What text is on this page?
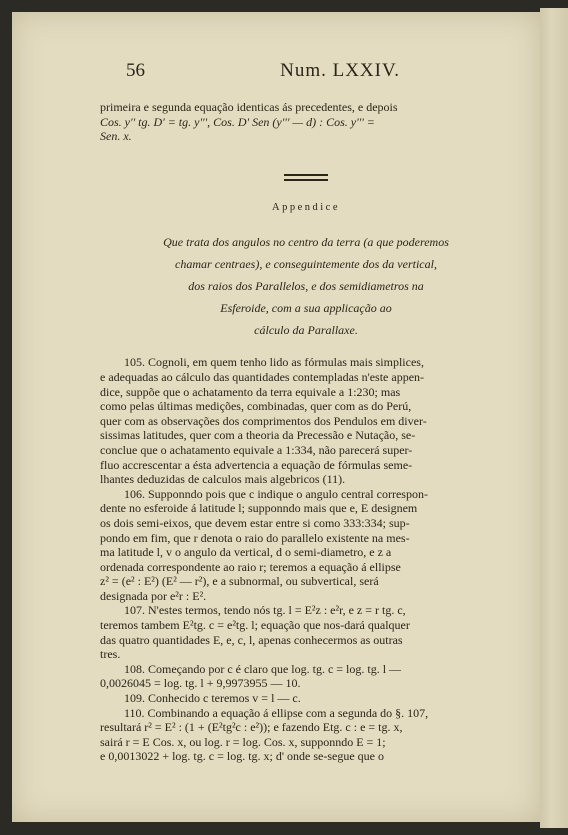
56	Num. LXXIV.

primeira e segunda equação identicas ás precedentes, e depois

Cos. y'' tg. D' = tg. y''', Cos. D' Sen (y''' — d) : Cos. y''' =

Sen. x.

Appendice
Que trata dos angulos no centro da terra (a que poderemos
chamar centraes), e conseguintemente dos da vertical,
dos raios dos Parallelos, e dos semidiametros na
Esferoide, com a sua applicação ao
cálculo da Parallaxe.

105. Cognoli, em quem tenho lido as fórmulas mais simplices,

e adequadas ao cálculo das quantidades contempladas n'este appen-

dice, suppõe que o achatamento da terra equivale a 1:230; mas

como pelas últimas medições, combinadas, quer com as do Perú,

quer com as observações dos comprimentos dos Pendulos em diver-

sissimas latitudes, quer com a theoria da Precessão e Nutação, se-

conclue que o achatamento equivale a 1:334, não parecerá super-

fluo accrescentar a ésta advertencia a equação de fórmulas seme-

lhantes deduzidas de calculos mais algebricos (11).

106. Supponndo pois que c indique o angulo central correspon-

dente no esferoide á latitude l; supponndo mais que e, E designem

os dois semi-eixos, que devem estar entre si como 333:334; sup-

pondo em fim, que r denota o raio do parallelo existente na mes-

ma latitude l, v o angulo da vertical, d o semi-diametro, e z a

ordenada correspondente ao raio r; teremos a equação á ellipse

z² = (e² : E²) (E² — r²), e a subnormal, ou subvertical, será

designada por e²r : E².

107. N'estes termos, tendo nós tg. l = E²z : e²r, e z = r tg. c,

teremos tambem E²tg. c = e²tg. l; equação que nos-dará qualquer

das quatro quantidades E, e, c, l, apenas conhecermos as outras

tres.

108. Começando por c é claro que log. tg. c = log. tg. l —

0,0026045 = log. tg. l + 9,9973955 — 10.

109. Conhecido c teremos v = l — c.

110. Combinando a equação á ellipse com a segunda do §. 107,

resultará r² = E² : (1 + (E²tg²c : e²)); e fazendo Etg. c : e = tg. x,

sairá r = E Cos. x, ou log. r = log. Cos. x, supponndo E = 1;

e 0,0013022 + log. tg. c = log. tg. x; d' onde se-segue que o
